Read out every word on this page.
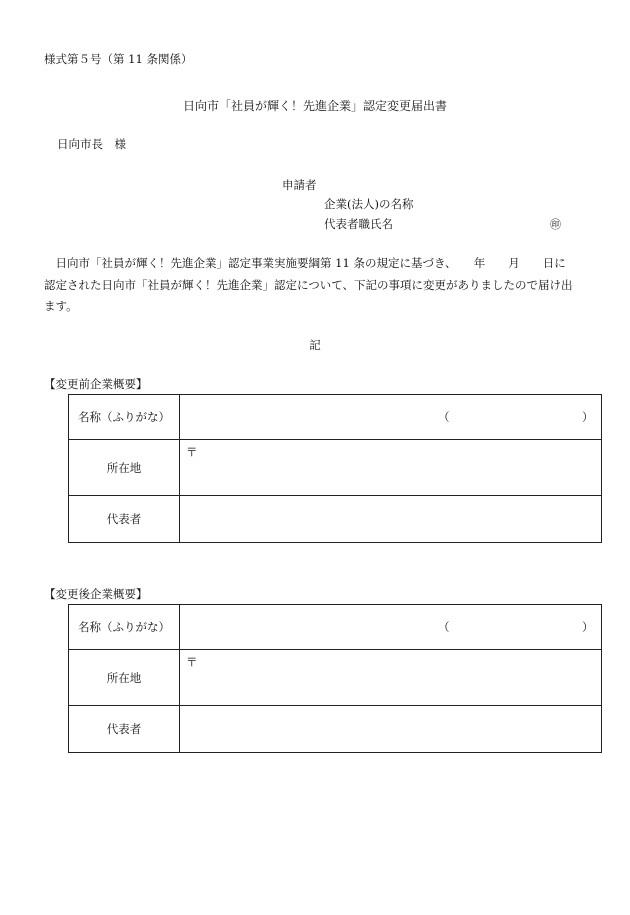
様式第５号（第 11 条関係）
日向市「社員が輝く！先進企業」認定変更届出書
日向市長　様
申請者
企業(法人)の名称
代表者職氏名	㊞
　日向市「社員が輝く！先進企業」認定事業実施要綱第 11 条の規定に基づき、　　年　　月　　日に
認定された日向市「社員が輝く！先進企業」認定について、下記の事項に変更がありましたので届け出
ます。
記
【変更前企業概要】
名称（ふりがな）	（ ）

所在地	〒

代表者	
【変更後企業概要】
名称（ふりがな）	（ ）

所在地	〒

代表者	
